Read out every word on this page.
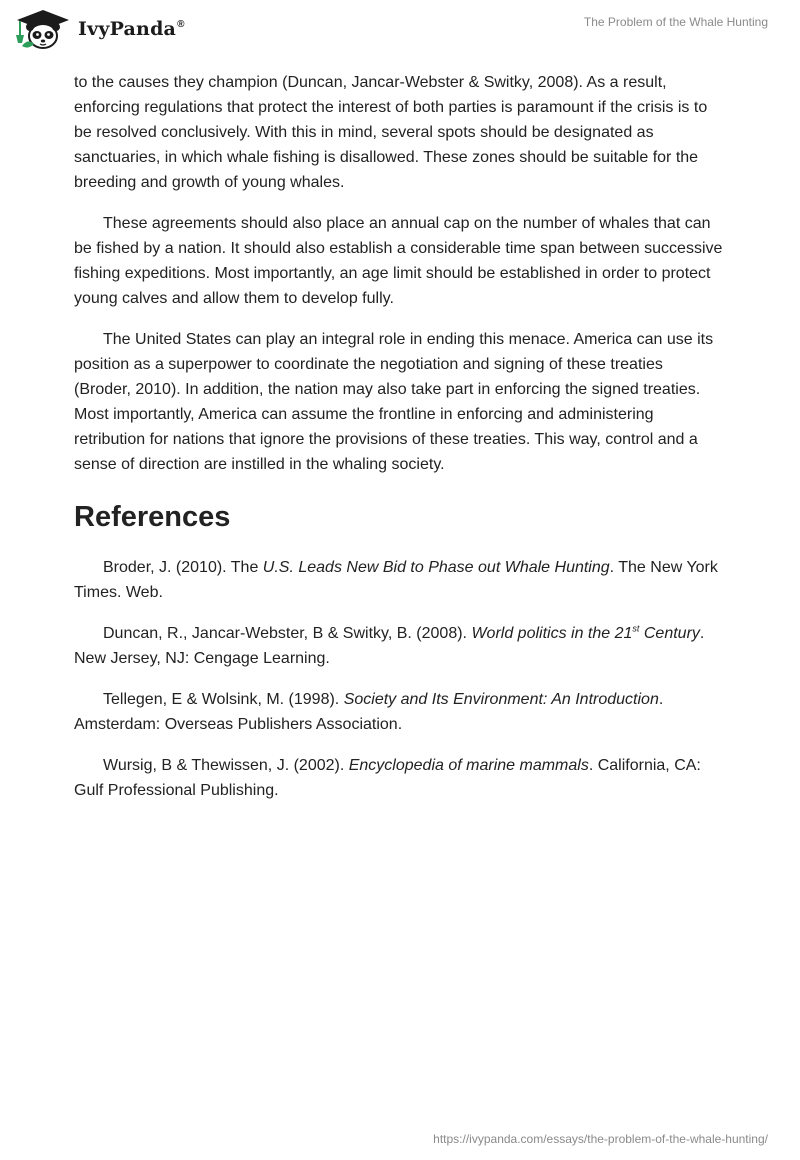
IvyPanda®	The Problem of the Whale Hunting

to the causes they champion (Duncan, Jancar-Webster & Switky, 2008). As a result, enforcing regulations that protect the interest of both parties is paramount if the crisis is to be resolved conclusively. With this in mind, several spots should be designated as sanctuaries, in which whale fishing is disallowed. These zones should be suitable for the breeding and growth of young whales.

These agreements should also place an annual cap on the number of whales that can be fished by a nation. It should also establish a considerable time span between successive fishing expeditions. Most importantly, an age limit should be established in order to protect young calves and allow them to develop fully.

The United States can play an integral role in ending this menace. America can use its position as a superpower to coordinate the negotiation and signing of these treaties (Broder, 2010). In addition, the nation may also take part in enforcing the signed treaties. Most importantly, America can assume the frontline in enforcing and administering retribution for nations that ignore the provisions of these treaties. This way, control and a sense of direction are instilled in the whaling society.

References

Broder, J. (2010). The U.S. Leads New Bid to Phase out Whale Hunting. The New York Times. Web.

Duncan, R., Jancar-Webster, B & Switky, B. (2008). World politics in the 21st Century. New Jersey, NJ: Cengage Learning.

Tellegen, E & Wolsink, M. (1998). Society and Its Environment: An Introduction. Amsterdam: Overseas Publishers Association.

Wursig, B & Thewissen, J. (2002). Encyclopedia of marine mammals. California, CA: Gulf Professional Publishing.

https://ivypanda.com/essays/the-problem-of-the-whale-hunting/
